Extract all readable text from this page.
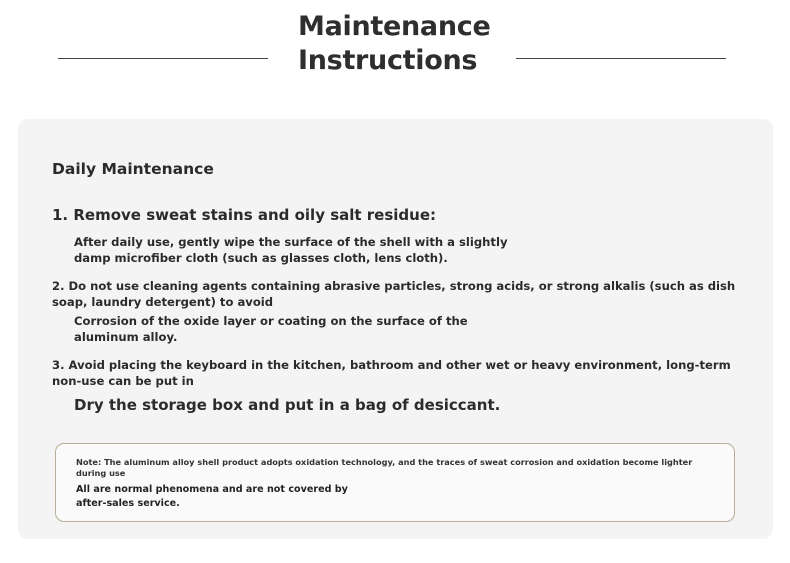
Maintenance
Instructions
Daily Maintenance
1. Remove sweat stains and oily salt residue:

After daily use, gently wipe the surface of the shell with a slightly
damp microfiber cloth (such as glasses cloth, lens cloth).

2. Do not use cleaning agents containing abrasive particles, strong acids, or strong alkalis (such as dish
soap, laundry detergent) to avoid

Corrosion of the oxide layer or coating on the surface of the
aluminum alloy.

3. Avoid placing the keyboard in the kitchen, bathroom and other wet or heavy environment, long-term
non-use can be put in

Dry the storage box and put in a bag of desiccant.

Note: The aluminum alloy shell product adopts oxidation technology, and the traces of sweat corrosion and oxidation become lighter
during use

All are normal phenomena and are not covered by
after-sales service.
